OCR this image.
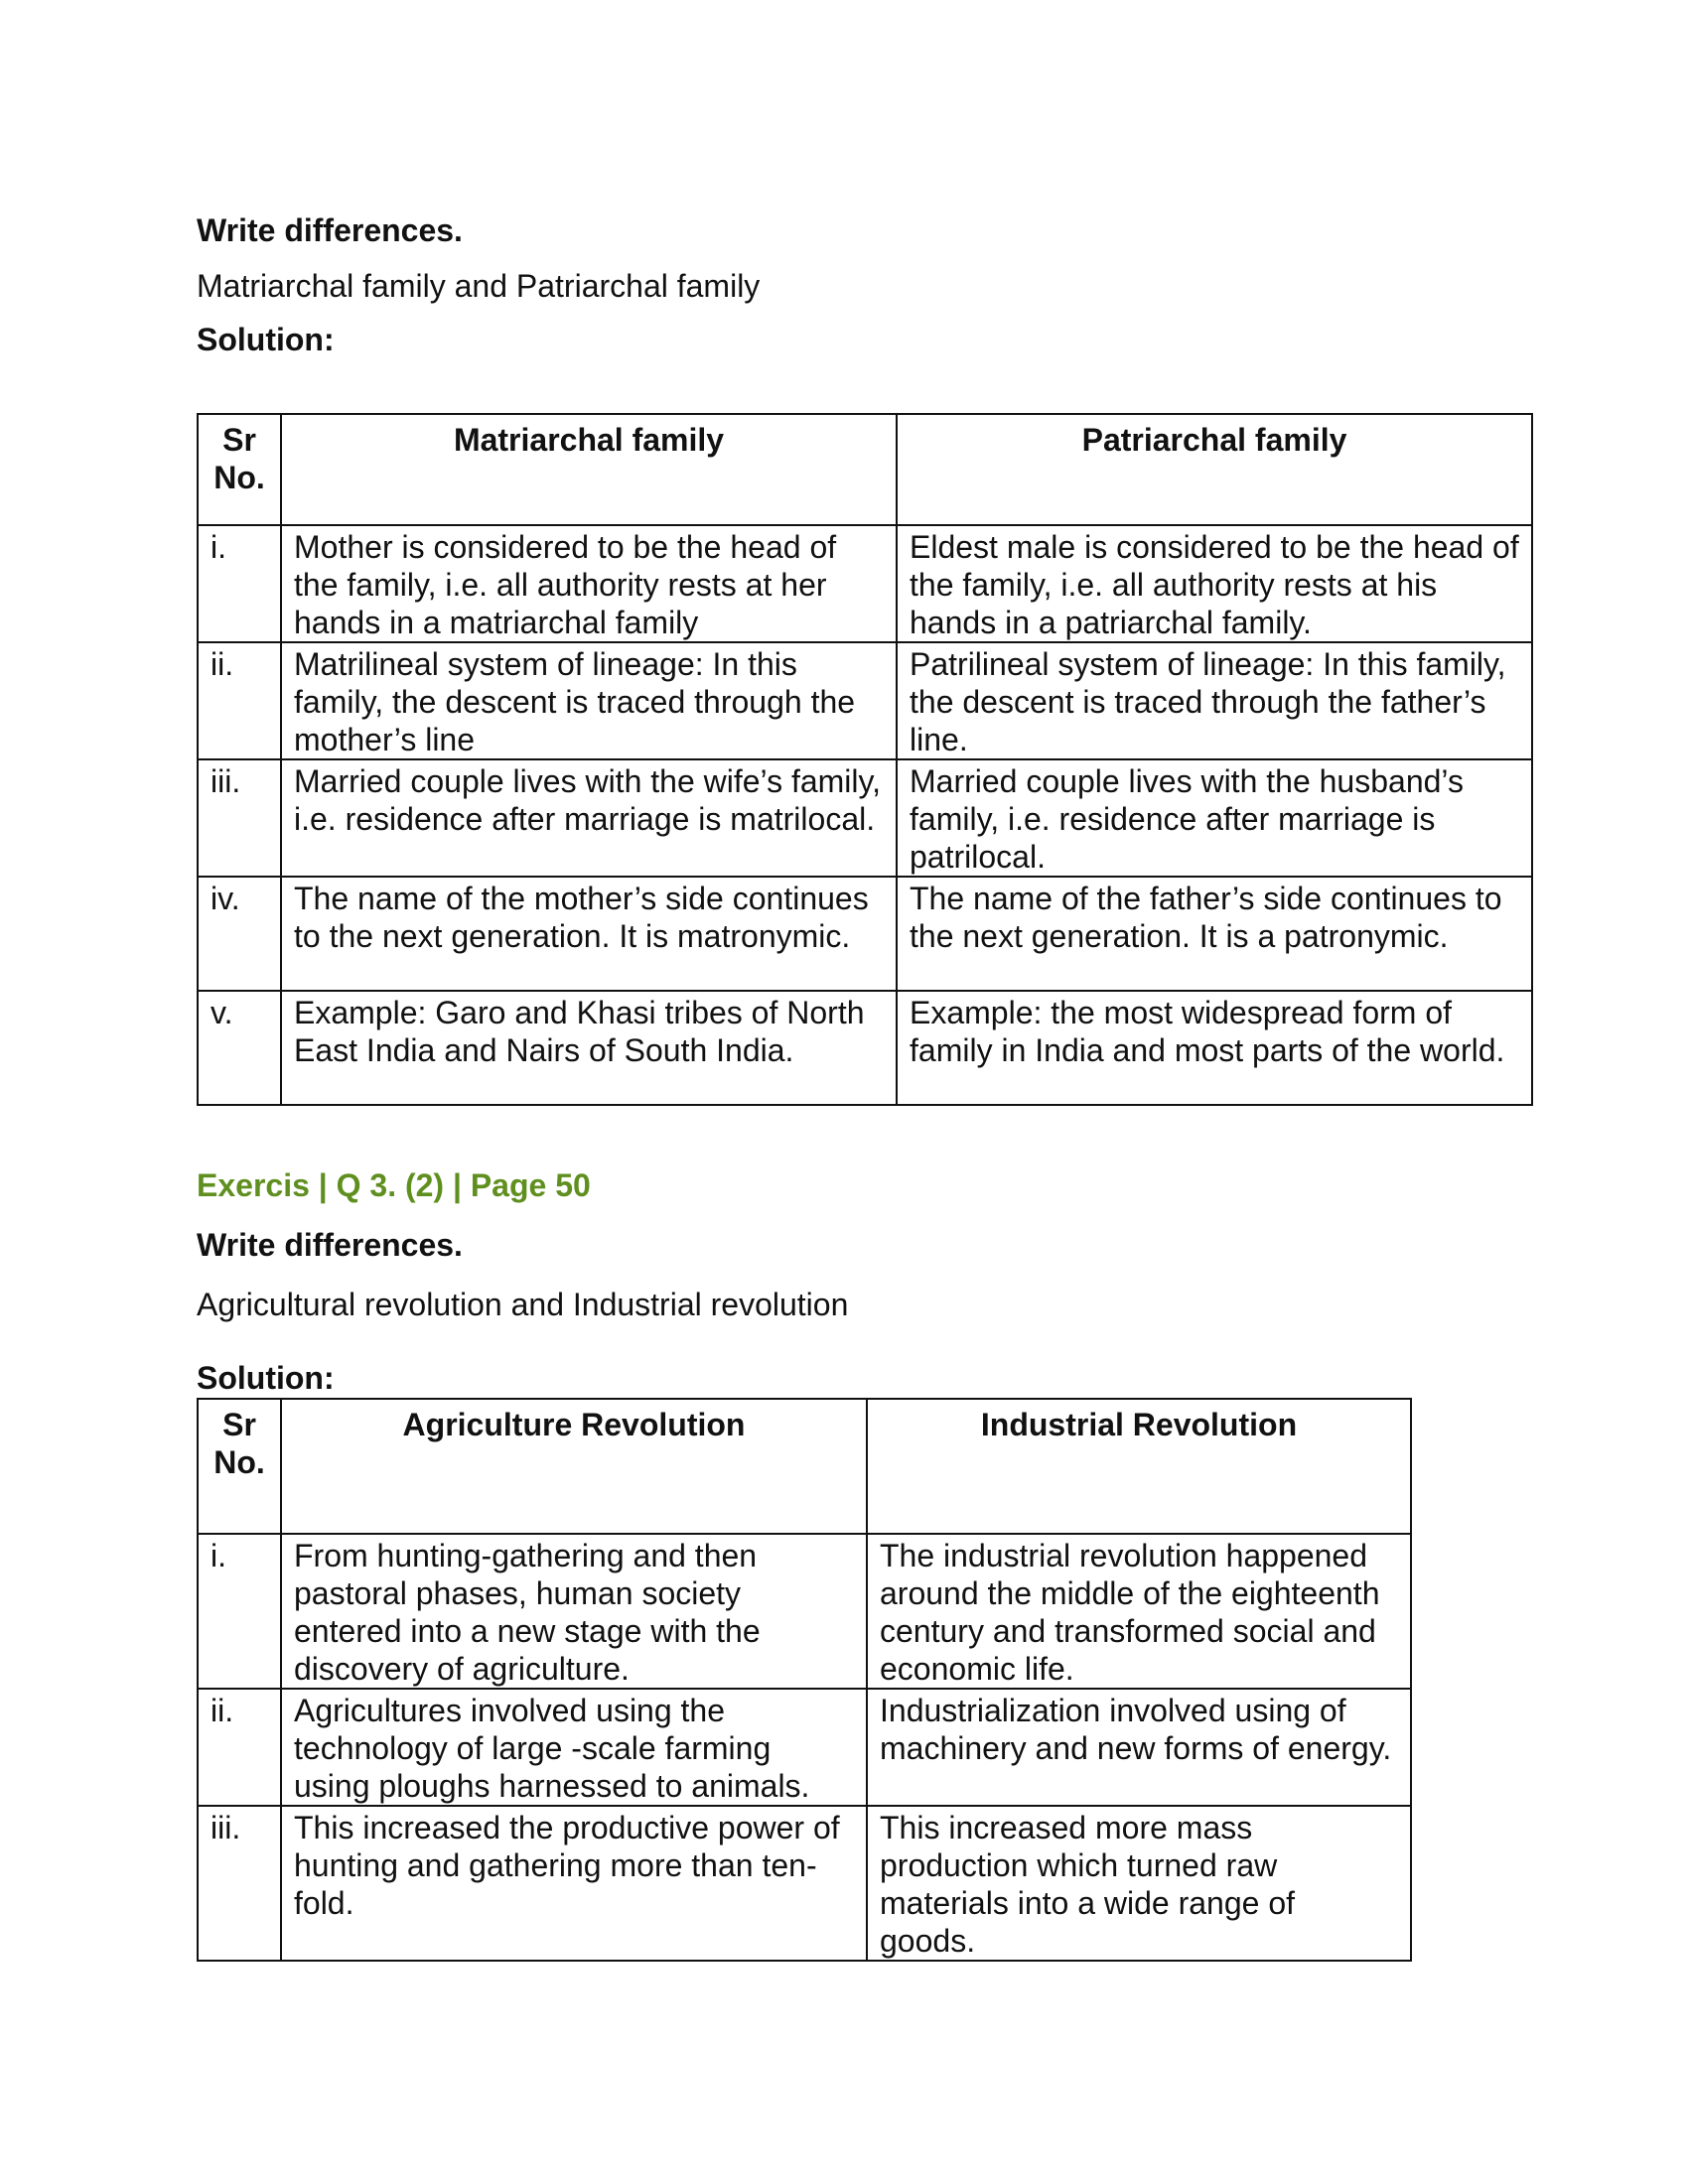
Write differences.

Matriarchal family and Patriarchal family

Solution:

Sr No.	Matriarchal family	Patriarchal family
i.	Mother is considered to be the head of the family, i.e. all authority rests at her hands in a matriarchal family	Eldest male is considered to be the head of the family, i.e. all authority rests at his hands in a patriarchal family.
ii.	Matrilineal system of lineage: In this family, the descent is traced through the mother’s line	Patrilineal system of lineage: In this family, the descent is traced through the father’s line.
iii.	Married couple lives with the wife’s family, i.e. residence after marriage is matrilocal.	Married couple lives with the husband’s family, i.e. residence after marriage is patrilocal.
iv.	The name of the mother’s side continues to the next generation. It is matronymic.	The name of the father’s side continues to the next generation. It is a patronymic.
v.	Example: Garo and Khasi tribes of North East India and Nairs of South India.	Example: the most widespread form of family in India and most parts of the world.

Exercis | Q 3. (2) | Page 50

Write differences.

Agricultural revolution and Industrial revolution

Solution:

Sr No.	Agriculture Revolution	Industrial Revolution
i.	From hunting-gathering and then pastoral phases, human society entered into a new stage with the discovery of agriculture.	The industrial revolution happened around the middle of the eighteenth century and transformed social and economic life.
ii.	Agricultures involved using the technology of large -scale farming using ploughs harnessed to animals.	Industrialization involved using of machinery and new forms of energy.
iii.	This increased the productive power of hunting and gathering more than ten-fold.	This increased more mass production which turned raw materials into a wide range of goods.
